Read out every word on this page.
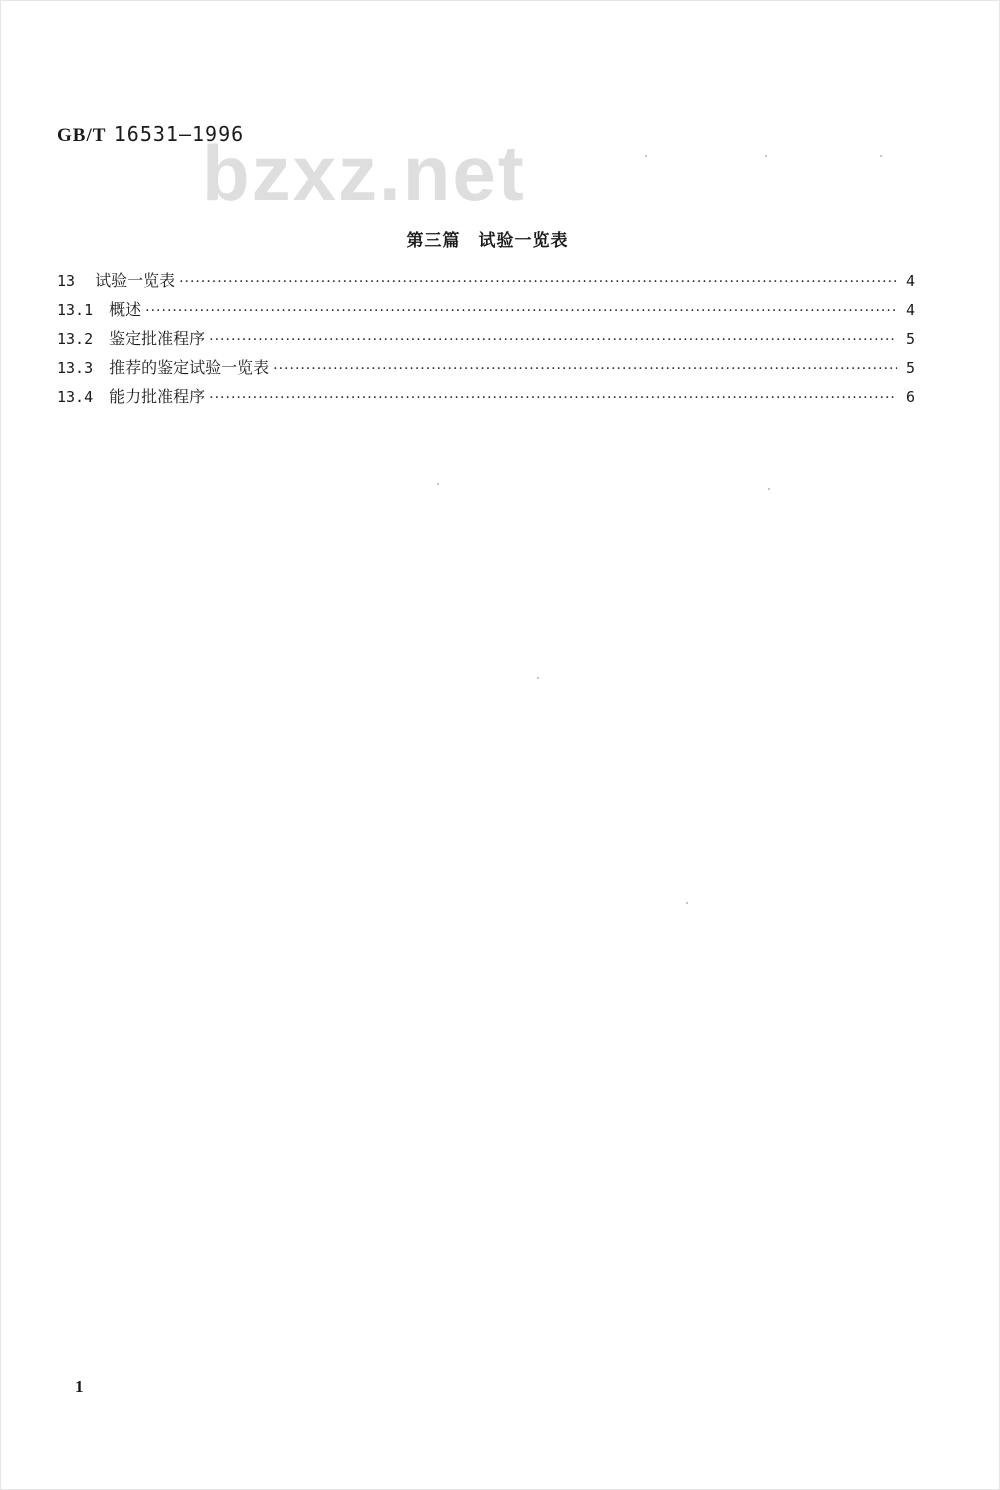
GB/T 16531—1996
bzxz.net
第三篇　试验一览表
13 试验一览表 ·····	4
13.1 概述 ·····	4
13.2 鉴定批准程序 ·····	5
13.3 推荐的鉴定试验一览表 ·····	5
13.4 能力批准程序 ·····	6
1
